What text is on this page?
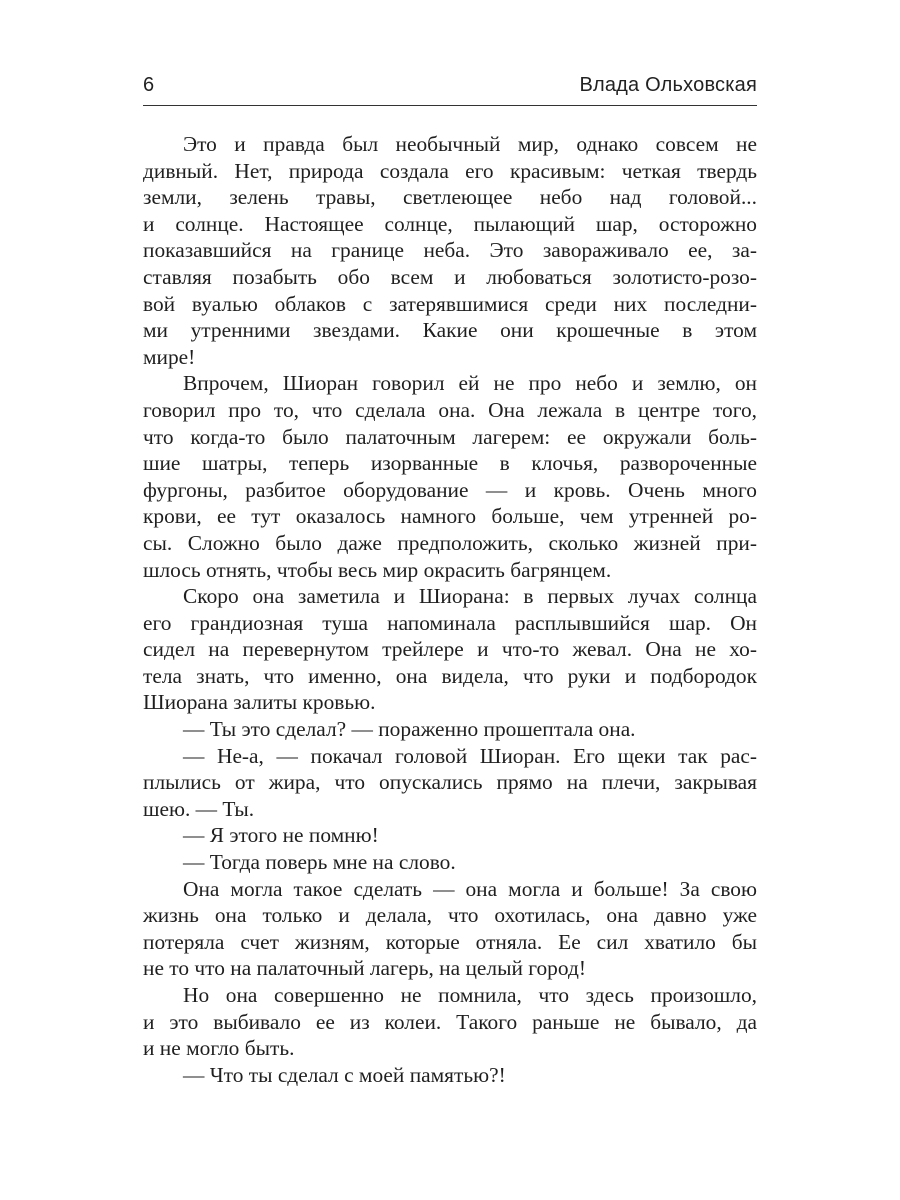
6	Влада Ольховская
Это и правда был необычный мир, однако совсем не
дивный. Нет, природа создала его красивым: четкая твердь
земли, зелень травы, светлеющее небо над головой...
и солнце. Настоящее солнце, пылающий шар, осторожно
показавшийся на границе неба. Это завораживало ее, за-
ставляя позабыть обо всем и любоваться золотисто-розо-
вой вуалью облаков с затерявшимися среди них последни-
ми утренними звездами. Какие они крошечные в этом
мире!
Впрочем, Шиоран говорил ей не про небо и землю, он
говорил про то, что сделала она. Она лежала в центре того,
что когда-то было палаточным лагерем: ее окружали боль-
шие шатры, теперь изорванные в клочья, развороченные
фургоны, разбитое оборудование — и кровь. Очень много
крови, ее тут оказалось намного больше, чем утренней ро-
сы. Сложно было даже предположить, сколько жизней при-
шлось отнять, чтобы весь мир окрасить багрянцем.
Скоро она заметила и Шиорана: в первых лучах солнца
его грандиозная туша напоминала расплывшийся шар. Он
сидел на перевернутом трейлере и что-то жевал. Она не хо-
тела знать, что именно, она видела, что руки и подбородок
Шиорана залиты кровью.
— Ты это сделал? — пораженно прошептала она.
— Не-а, — покачал головой Шиоран. Его щеки так рас-
плылись от жира, что опускались прямо на плечи, закрывая
шею. — Ты.
— Я этого не помню!
— Тогда поверь мне на слово.
Она могла такое сделать — она могла и больше! За свою
жизнь она только и делала, что охотилась, она давно уже
потеряла счет жизням, которые отняла. Ее сил хватило бы
не то что на палаточный лагерь, на целый город!
Но она совершенно не помнила, что здесь произошло,
и это выбивало ее из колеи. Такого раньше не бывало, да
и не могло быть.
— Что ты сделал с моей памятью?!
